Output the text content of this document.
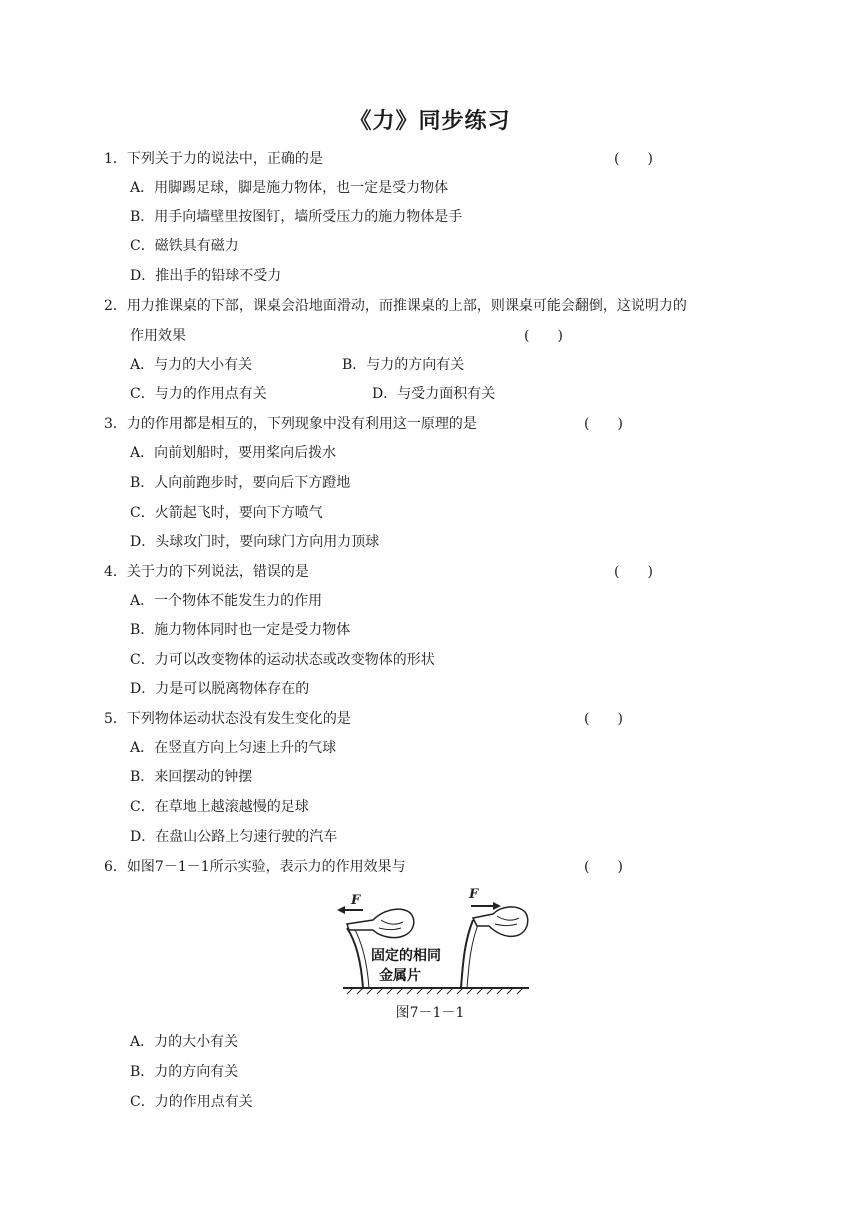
《力》同步练习
1．下列关于力的说法中，正确的是	(　　)
A．用脚踢足球，脚是施力物体，也一定是受力物体
B．用手向墙壁里按图钉，墙所受压力的施力物体是手
C．磁铁具有磁力
D．推出手的铅球不受力
2．用力推课桌的下部，课桌会沿地面滑动，而推课桌的上部，则课桌可能会翻倒，这说明力的
作用效果	(　　)
A．与力的大小有关	B．与力的方向有关
C．与力的作用点有关	D．与受力面积有关
3．力的作用都是相互的，下列现象中没有利用这一原理的是	(　　)
A．向前划船时，要用桨向后拨水
B．人向前跑步时，要向后下方蹬地
C．火箭起飞时，要向下方喷气
D．头球攻门时，要向球门方向用力顶球
4．关于力的下列说法，错误的是	(　　)
A．一个物体不能发生力的作用
B．施力物体同时也一定是受力物体
C．力可以改变物体的运动状态或改变物体的形状
D．力是可以脱离物体存在的
5．下列物体运动状态没有发生变化的是	(　　)
A．在竖直方向上匀速上升的气球
B．来回摆动的钟摆
C．在草地上越滚越慢的足球
D．在盘山公路上匀速行驶的汽车
6．如图7－1－1所示实验，表示力的作用效果与	(　　)
F	F
固定的相同
金属片
图7－1－1
A．力的大小有关
B．力的方向有关
C．力的作用点有关
